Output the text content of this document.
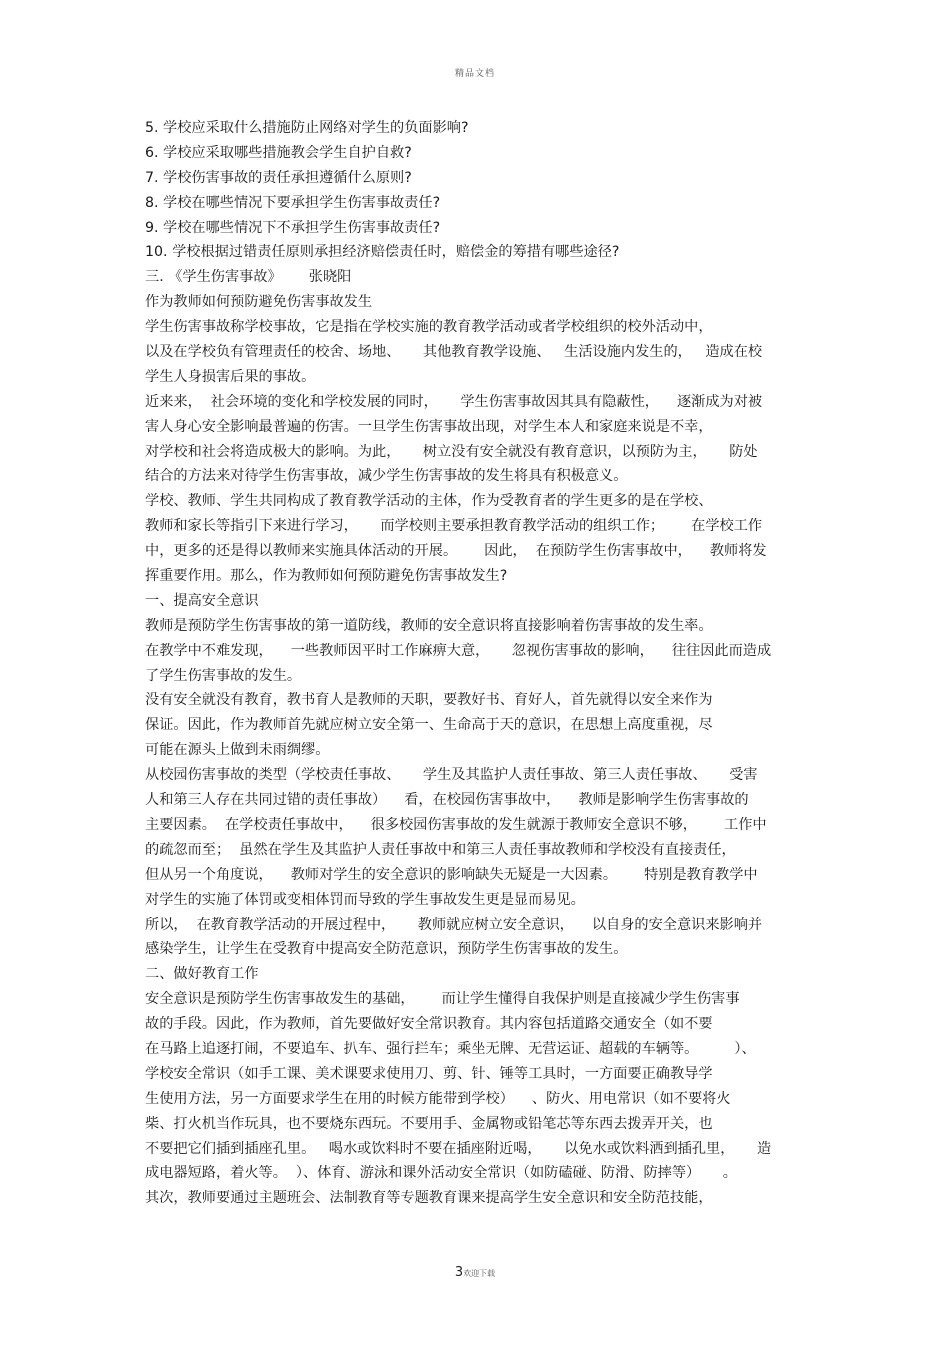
精品文档
5. 学校应采取什么措施防止网络对学生的负面影响?
6. 学校应采取哪些措施教会学生自护自救?
7. 学校伤害事故的责任承担遵循什么原则?
8. 学校在哪些情况下要承担学生伤害事故责任?
9. 学校在哪些情况下不承担学生伤害事故责任?
10. 学校根据过错责任原则承担经济赔偿责任时，赔偿金的筹措有哪些途径?
三. 《学生伤害事故》      张晓阳
作为教师如何预防避免伤害事故发生
学生伤害事故称学校事故，它是指在学校实施的教育教学活动或者学校组织的校外活动中，
以及在学校负有管理责任的校舍、场地、     其他教育教学设施、   生活设施内发生的，   造成在校
学生人身损害后果的事故。
近来来，  社会环境的变化和学校发展的同时，     学生伤害事故因其具有隐蔽性，    逐渐成为对被
害人身心安全影响最普遍的伤害。一旦学生伤害事故出现，对学生本人和家庭来说是不幸，
对学校和社会将造成极大的影响。为此，     树立没有安全就没有教育意识，以预防为主，     防处
结合的方法来对待学生伤害事故，减少学生伤害事故的发生将具有积极意义。
学校、教师、学生共同构成了教育教学活动的主体，作为受教育者的学生更多的是在学校、
教师和家长等指引下来进行学习，     而学校则主要承担教育教学活动的组织工作；      在学校工作
中，更多的还是得以教师来实施具体活动的开展。      因此，  在预防学生伤害事故中，    教师将发
挥重要作用。那么，作为教师如何预防避免伤害事故发生?
一、提高安全意识
教师是预防学生伤害事故的第一道防线，教师的安全意识将直接影响着伤害事故的发生率。
在教学中不难发现，    一些教师因平时工作麻痹大意，     忽视伤害事故的影响，    往往因此而造成
了学生伤害事故的发生。
没有安全就没有教育，教书育人是教师的天职，要教好书、育好人，首先就得以安全来作为
保证。因此，作为教师首先就应树立安全第一、生命高于天的意识，在思想上高度重视，尽
可能在源头上做到未雨绸缪。
从校园伤害事故的类型（学校责任事故、     学生及其监护人责任事故、第三人责任事故、     受害
人和第三人存在共同过错的责任事故）    看，在校园伤害事故中，    教师是影响学生伤害事故的
主要因素。  在学校责任事故中，    很多校园伤害事故的发生就源于教师安全意识不够，      工作中
的疏忽而至；  虽然在学生及其监护人责任事故中和第三人责任事故教师和学校没有直接责任，
但从另一个角度说，    教师对学生的安全意识的影响缺失无疑是一大因素。      特别是教育教学中
对学生的实施了体罚或变相体罚而导致的学生事故发生更是显而易见。
所以，  在教育教学活动的开展过程中，     教师就应树立安全意识，    以自身的安全意识来影响并
感染学生，让学生在受教育中提高安全防范意识，预防学生伤害事故的发生。
二、做好教育工作
安全意识是预防学生伤害事故发生的基础，      而让学生懂得自我保护则是直接减少学生伤害事
故的手段。因此，作为教师，首先要做好安全常识教育。其内容包括道路交通安全（如不要
在马路上追逐打闹，不要追车、扒车、强行拦车；乘坐无牌、无营运证、超载的车辆等。        ）、
学校安全常识（如手工课、美术课要求使用刀、剪、针、锤等工具时，一方面要正确教导学
生使用方法，另一方面要求学生在用的时候方能带到学校）    、防火、用电常识（如不要将火
柴、打火机当作玩具，也不要烧东西玩。不要用手、金属物或铅笔芯等东西去拨弄开关，也
不要把它们插到插座孔里。   喝水或饮料时不要在插座附近喝，     以免水或饮料洒到插孔里，     造
成电器短路，着火等。  ）、体育、游泳和课外活动安全常识（如防磕碰、防滑、防摔等）     。
其次，教师要通过主题班会、法制教育等专题教育课来提高学生安全意识和安全防范技能，
3欢迎下载
